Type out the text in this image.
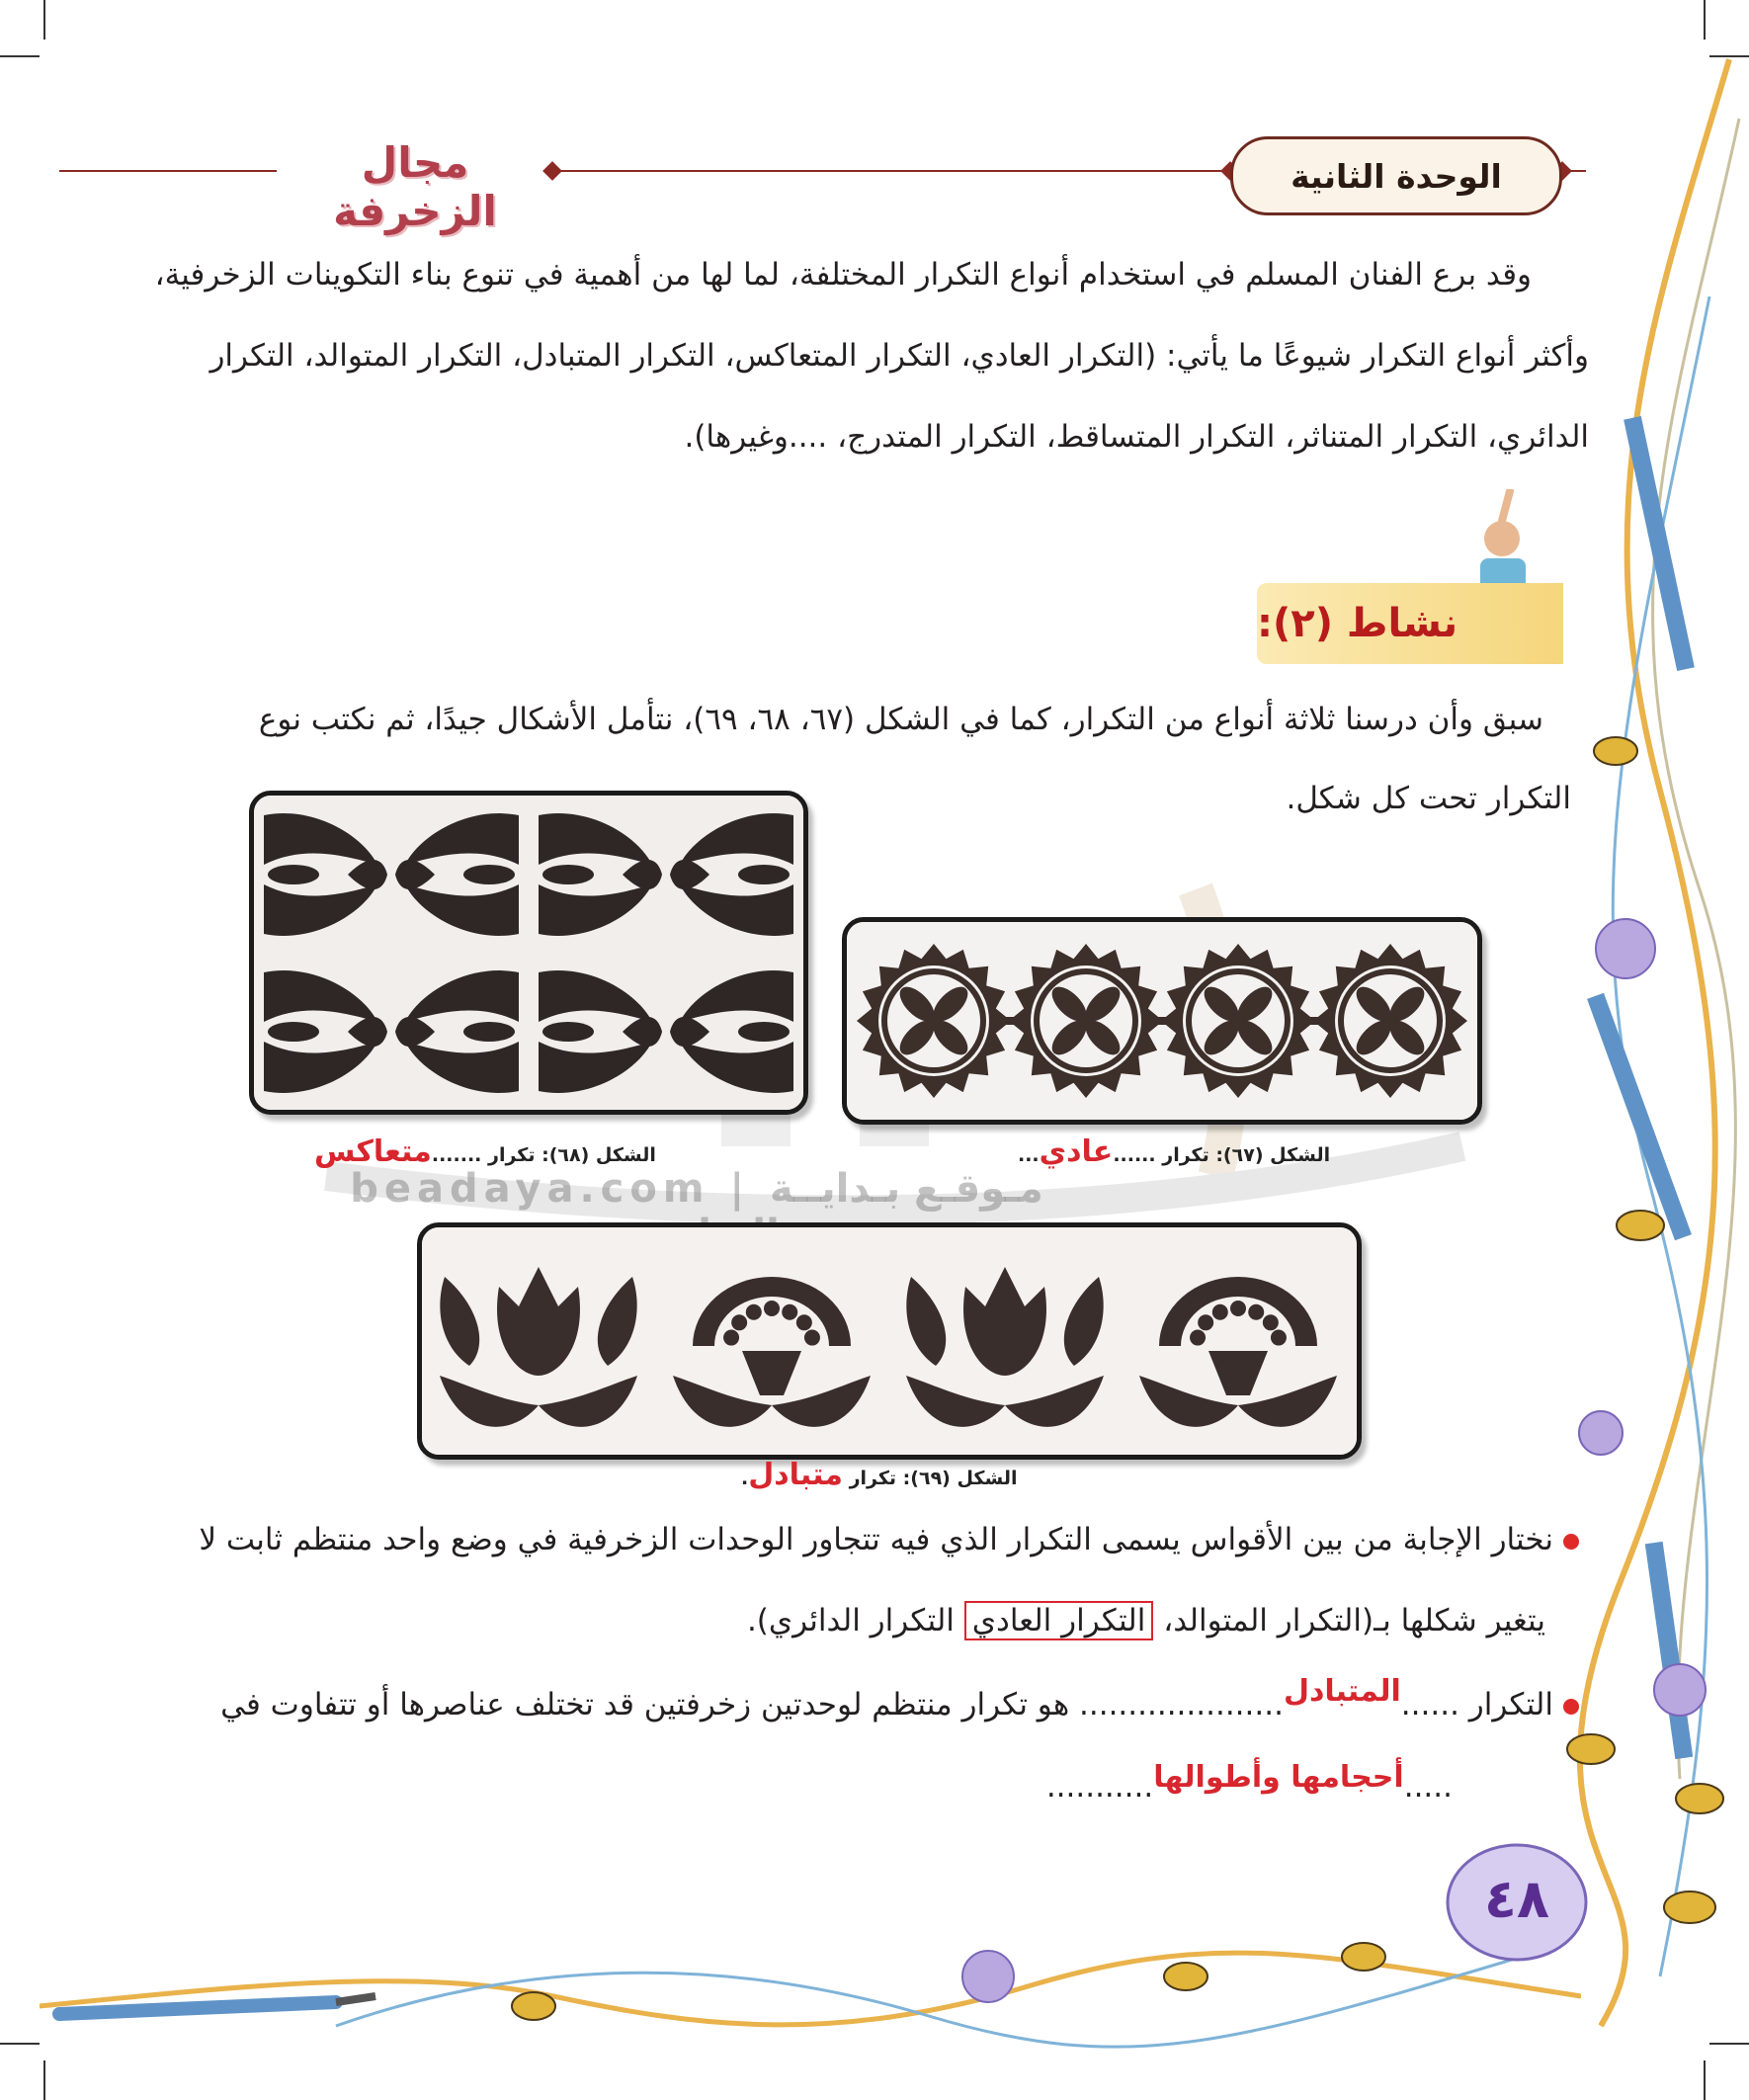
الوحدة الثانية
مجال الزخرفة
وقد برع الفنان المسلم في استخدام أنواع التكرار المختلفة، لما لها من أهمية في تنوع بناء التكوينات الزخرفية،
وأكثر أنواع التكرار شيوعًا ما يأتي: (التكرار العادي، التكرار المتعاكس، التكرار المتبادل، التكرار المتوالد، التكرار
الدائري، التكرار المتناثر، التكرار المتساقط، التكرار المتدرج، ....وغيرها).
نشاط (٢):
سبق وأن درسنا ثلاثة أنواع من التكرار، كما في الشكل (٦٧، ٦٨، ٦٩)، نتأمل الأشكال جيدًا، ثم نكتب نوع
التكرار تحت كل شكل.
الشكل (٦٨): تكرار .......متعاكس	الشكل (٦٧): تكرار ......عادي...
beadaya.com | مـوقـع بـدايــة
الشكل (٦٩): تكرار متبادل.
نختار الإجابة من بين الأقواس يسمى التكرار الذي فيه تتجاور الوحدات الزخرفية في وضع واحد منتظم ثابت لا
يتغير شكلها بـ(التكرار المتوالد، التكرار العادي التكرار الدائري).
التكرار ......المتبادل..................... هو تكرار منتظم لوحدتين زخرفتين قد تختلف عناصرها أو تتفاوت في
.....أحجامها وأطوالها...........
٤٨
